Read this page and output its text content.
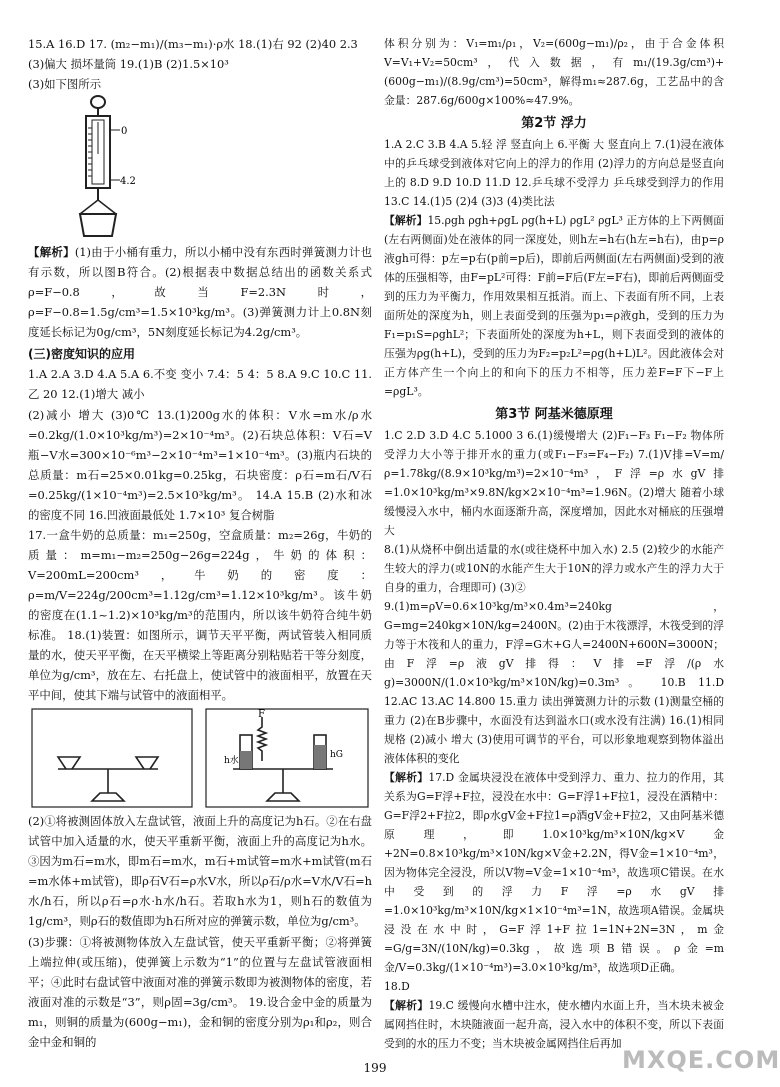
15.A 16.D 17. (m₂−m₁)/(m₃−m₁)·ρ水 18.(1)右 92 (2)40 2.3

(3)偏大 损坏量筒 19.(1)B (2)1.5×10³

(3)如下图所示

0
4.2

【解析】(1)由于小桶有重力，所以小桶中没有东西时弹簧测力计也有示数，所以图B符合。(2)根据表中数据总结出的函数关系式ρ=F−0.8，故当F=2.3N时，ρ=F−0.8=1.5g/cm³=1.5×10³kg/m³。(3)弹簧测力计上0.8N刻度延长标记为0g/cm³，5N刻度延长标记为4.2g/cm³。

(三)密度知识的应用

1.A 2.A 3.D 4.A 5.A 6.不变 变小 7.4：5 4：5 8.A 9.C 10.C 11.乙 20 12.(1)增大 减小

(2)减小 增大 (3)0℃ 13.(1)200g水的体积：V水=m水/ρ水=0.2kg/(1.0×10³kg/m³)=2×10⁻⁴m³。(2)石块总体积：V石=V瓶−V水=300×10⁻⁶m³−2×10⁻⁴m³=1×10⁻⁴m³。(3)瓶内石块的总质量：m石=25×0.01kg=0.25kg，石块密度：ρ石=m石/V石=0.25kg/(1×10⁻⁴m³)=2.5×10³kg/m³。 14.A 15.B (2)水和冰的密度不同 16.凹液面最低处 1.7×10³ 复合树脂

17.一盒牛奶的总质量：m₁=250g，空盒质量：m₂=26g，牛奶的质量：m=m₁−m₂=250g−26g=224g，牛奶的体积：V=200mL=200cm³，牛奶的密度：ρ=m/V=224g/200cm³=1.12g/cm³=1.12×10³kg/m³。该牛奶的密度在(1.1~1.2)×10³kg/m³的范围内，所以该牛奶符合纯牛奶标准。 18.(1)装置：如图所示，调节天平平衡，两试管装入相同质量的水，使天平平衡，在天平横梁上等距离分别粘贴若干等分刻度，单位为g/cm³，放在左、右托盘上，使试管中的液面相平，放置在天平中间，使其下端与试管中的液面相平。

F
h水
hG

(2)①将被测固体放入左盘试管，液面上升的高度记为h石。②在右盘试管中加入适量的水，使天平重新平衡，液面上升的高度记为h水。③因为m石=m水，即m石=m水，m石+m试管=m水+m试管(m石=m水体+m试管)，即ρ石V石=ρ水V水，所以ρ石/ρ水=V水/V石=h水/h石，所以ρ石=ρ水·h水/h石。若取h水为1，则h石的数值为1g/cm³，则ρ石的数值即为h石所对应的弹簧示数，单位为g/cm³。

(3)步骤：①将被测物体放入左盘试管，使天平重新平衡；②将弹簧上端拉伸(或压缩)，使弹簧上示数为“1”的位置与左盘试管液面相平；④此时右盘试管中液面对准的弹簧示数即为被测物体的密度，若液面对准的示数是“3”，则ρ固=3g/cm³。 19.设合金中金的质量为m₁，则铜的质量为(600g−m₁)，金和铜的密度分别为ρ₁和ρ₂，则合金中金和铜的

体积分别为：V₁=m₁/ρ₁，V₂=(600g−m₁)/ρ₂，由于合金体积V=V₁+V₂=50cm³，代入数据，有m₁/(19.3g/cm³)+(600g−m₁)/(8.9g/cm³)=50cm³，解得m₁≈287.6g，工艺品中的含金量：287.6g/600g×100%≈47.9%。

第2节 浮力

1.A 2.C 3.B 4.A 5.轻 浮 竖直向上 6.平衡 大 竖直向上 7.(1)浸在液体中的乒乓球受到液体对它向上的浮力的作用 (2)浮力的方向总是竖直向上的 8.D 9.D 10.D 11.D 12.乒乓球不受浮力 乒乓球受到浮力的作用 13.C 14.(1)5 (2)4 (3)3 (4)类比法

【解析】15.ρgh ρgh+ρgL ρg(h+L) ρgL² ρgL³ 正方体的上下两侧面(左右两侧面)处在液体的同一深度处，则h左=h右(h左=h右)，由p=ρ液gh可得：p左=p右(p前=p后)，即前后两侧面(左右两侧面)受到的液体的压强相等，由F=pL²可得：F前=F后(F左=F右)，即前后两侧面受到的压力为平衡力，作用效果相互抵消。而上、下表面有所不同，上表面所处的深度为h，则上表面受到的压强为p₁=ρ液gh，受到的压力为F₁=p₁S=ρghL²；下表面所处的深度为h+L，则下表面受到的液体的压强为ρg(h+L)，受到的压力为F₂=p₂L²=ρg(h+L)L²。因此液体会对正方体产生一个向上的和向下的压力不相等，压力差F=F下−F上=ρgL³。

第3节 阿基米德原理

1.C 2.D 3.D 4.C 5.1000 3 6.(1)缓慢增大 (2)F₁−F₃ F₁−F₂ 物体所受浮力大小等于排开水的重力(或F₁−F₃=F₄−F₂) 7.(1)V排=V=m/ρ=1.78kg/(8.9×10³kg/m³)=2×10⁻⁴m³，F浮=ρ水gV排=1.0×10³kg/m³×9.8N/kg×2×10⁻⁴m³=1.96N。(2)增大 随着小球缓慢浸入水中，桶内水面逐渐升高，深度增加，因此水对桶底的压强增大

8.(1)从烧杯中倒出适量的水(或往烧杯中加入水) 2.5 (2)较少的水能产生较大的浮力(或10N的水能产生大于10N的浮力或水产生的浮力大于自身的重力，合理即可) (3)②

9.(1)m=ρV=0.6×10³kg/m³×0.4m³=240kg，G=mg=240kg×10N/kg=2400N。(2)由于木筏漂浮，木筏受到的浮力等于木筏和人的重力，F浮=G木+G人=2400N+600N=3000N；由F浮=ρ液gV排得：V排=F浮/(ρ水g)=3000N/(1.0×10³kg/m³×10N/kg)=0.3m³。 10.B 11.D 12.AC 13.AC 14.800 15.重力 读出弹簧测力计的示数 (1)测量空桶的重力 (2)在B步骤中，水面没有达到溢水口(或水没有注满) 16.(1)相同规格 (2)减小 增大 (3)使用可调节的平台，可以形象地观察到物体溢出液体体积的变化

【解析】17.D 金属块浸没在液体中受到浮力、重力、拉力的作用，其关系为G=F浮+F拉，浸没在水中：G=F浮1+F拉1，浸没在酒精中：G=F浮2+F拉2，即ρ水gV金+F拉1=ρ酒gV金+F拉2，又由阿基米德原理，即1.0×10³kg/m³×10N/kg×V金+2N=0.8×10³kg/m³×10N/kg×V金+2.2N，得V金=1×10⁻⁴m³，因为物体完全浸没，所以V物=V金=1×10⁻⁴m³，故选项C错误。在水中受到的浮力F浮=ρ水gV排=1.0×10³kg/m³×10N/kg×1×10⁻⁴m³=1N，故选项A错误。金属块浸没在水中时，G=F浮1+F拉1=1N+2N=3N，m金=G/g=3N/(10N/kg)=0.3kg，故选项B错误。ρ金=m金/V=0.3kg/(1×10⁻⁴m³)=3.0×10³kg/m³，故选项D正确。

18.D

【解析】19.C 缓慢向水槽中注水，使水槽内水面上升，当木块未被金属网挡住时，木块随液面一起升高，浸入水中的体积不变，所以下表面受到的水的压力不变；当木块被金属网挡住后再加

199	MXQE.COM
